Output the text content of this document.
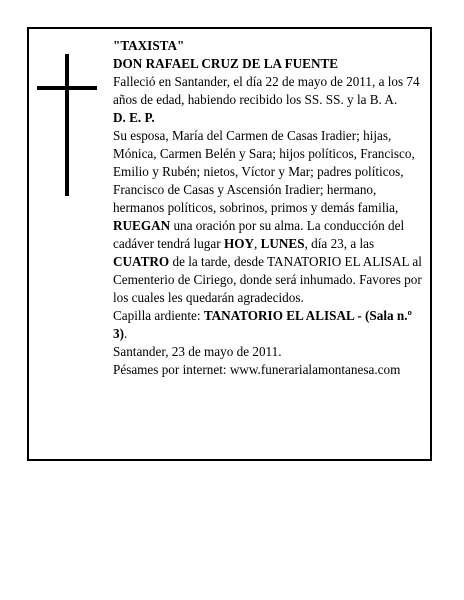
"TAXISTA"

DON RAFAEL CRUZ DE LA FUENTE

Falleció en Santander, el día 22 de mayo de 2011, a los 74 años de edad, habiendo recibido los SS. SS. y la B. A.

D. E. P.

Su esposa, María del Carmen de Casas Iradier; hijas, Mónica, Carmen Belén y Sara; hijos políticos, Francisco, Emilio y Rubén; nietos, Víctor y Mar; padres políticos, Francisco de Casas y Ascensión Iradier; hermano, hermanos políticos, sobrinos, primos y demás familia,

RUEGAN una oración por su alma. La conducción del cadáver tendrá lugar HOY, LUNES, día 23, a las CUATRO de la tarde, desde TANATORIO EL ALISAL al Cementerio de Ciriego, donde será inhumado. Favores por los cuales les quedarán agradecidos.

Capilla ardiente: TANATORIO EL ALISAL - (Sala n.º 3).

Santander, 23 de mayo de 2011.

Pésames por internet: www.funerarialamontanesa.com
